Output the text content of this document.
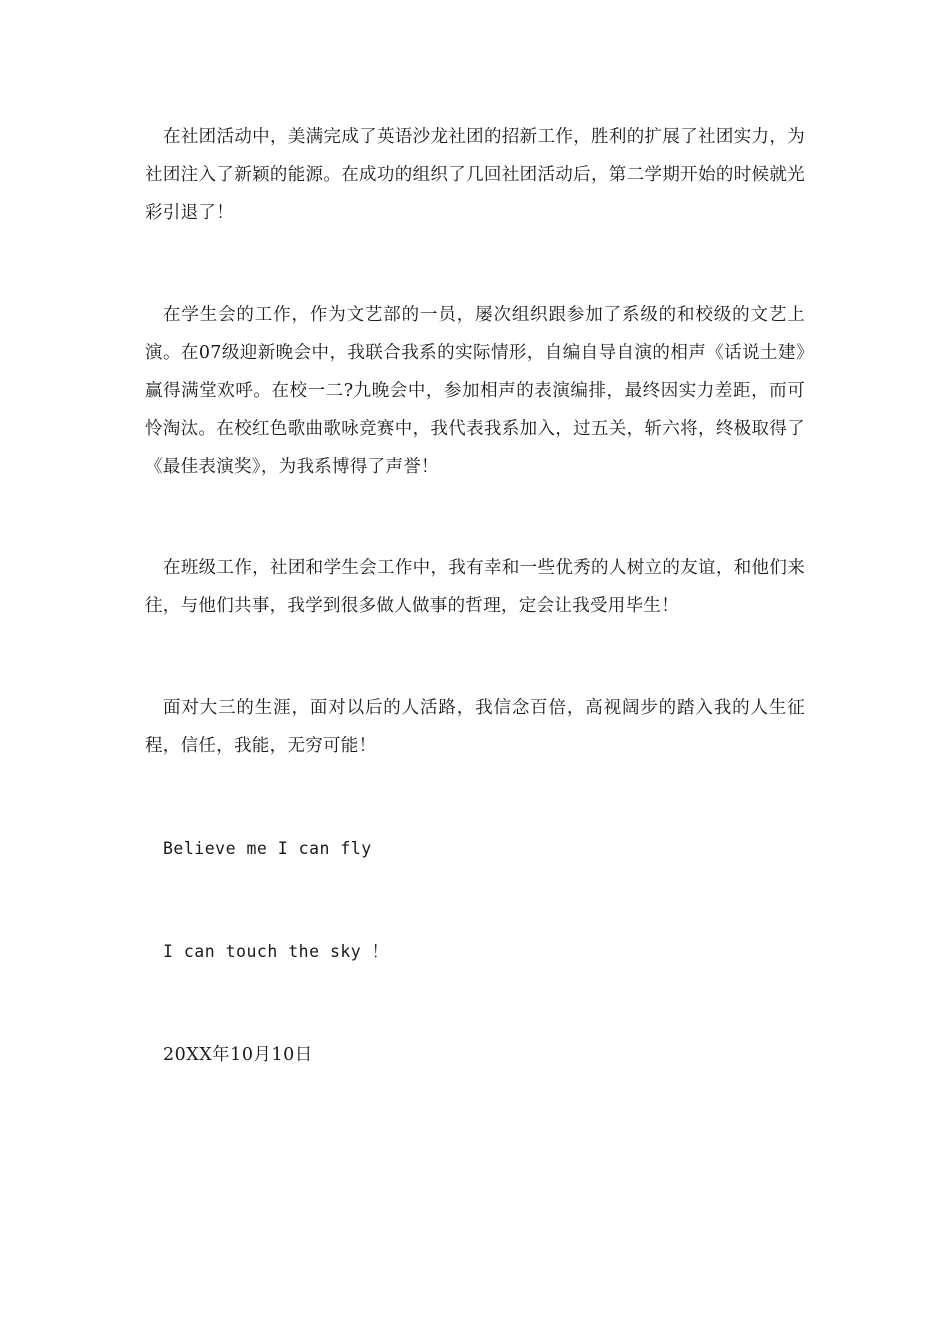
在社团活动中，美满完成了英语沙龙社团的招新工作，胜利的扩展了社团实力，为社团注入了新颖的能源。在成功的组织了几回社团活动后，第二学期开始的时候就光彩引退了！

在学生会的工作，作为文艺部的一员，屡次组织跟参加了系级的和校级的文艺上演。在07级迎新晚会中，我联合我系的实际情形，自编自导自演的相声《话说土建》赢得满堂欢呼。在校一二?九晚会中，参加相声的表演编排，最终因实力差距，而可怜淘汰。在校红色歌曲歌咏竞赛中，我代表我系加入，过五关，斩六将，终极取得了《最佳表演奖》，为我系博得了声誉！

在班级工作，社团和学生会工作中，我有幸和一些优秀的人树立的友谊，和他们来往，与他们共事，我学到很多做人做事的哲理，定会让我受用毕生！

面对大三的生涯，面对以后的人活路，我信念百倍，高视阔步的踏入我的人生征程，信任，我能，无穷可能！

Believe me I can fly

I can touch the sky ！

20XX年10月10日
